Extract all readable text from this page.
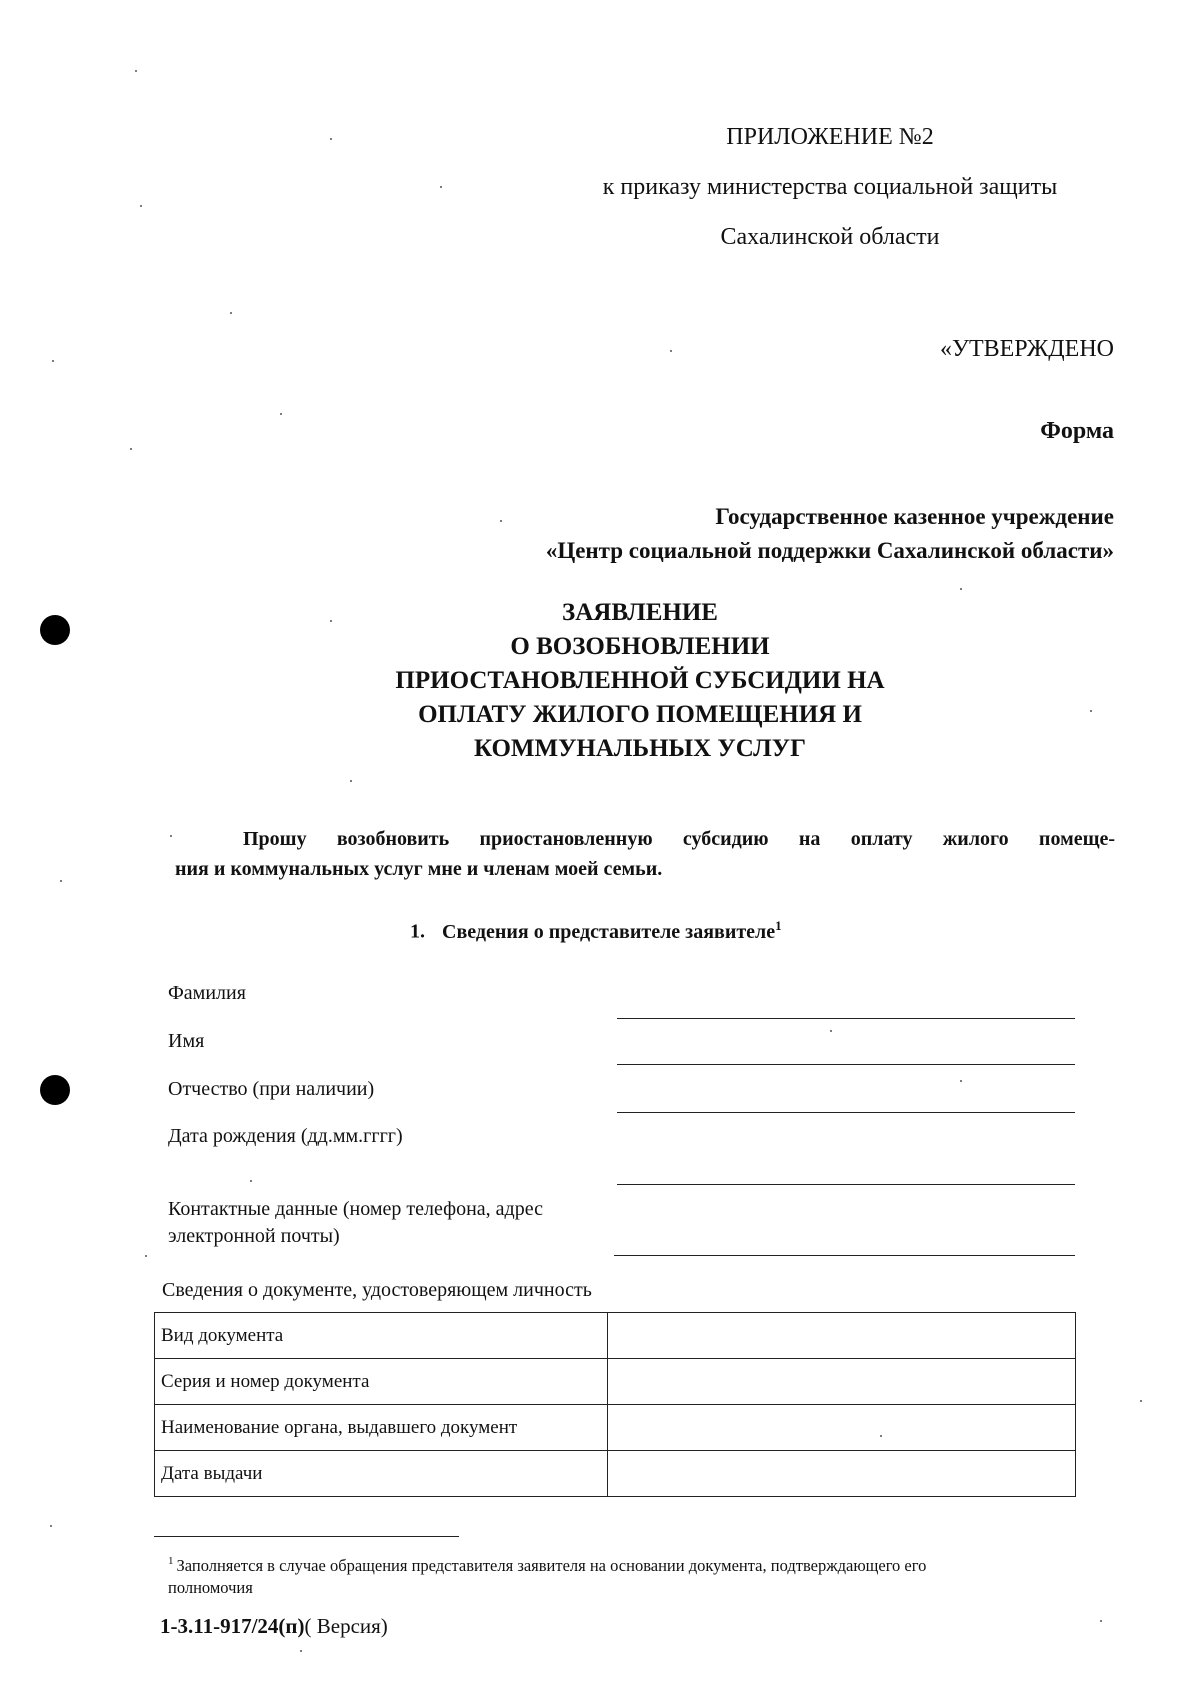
ПРИЛОЖЕНИЕ №2
к приказу министерства социальной защиты
Сахалинской области
«УТВЕРЖДЕНО
Форма
Государственное казенное учреждение
«Центр социальной поддержки Сахалинской области»
ЗАЯВЛЕНИЕ
О ВОЗОБНОВЛЕНИИ
ПРИОСТАНОВЛЕННОЙ СУБСИДИИ НА
ОПЛАТУ ЖИЛОГО ПОМЕЩЕНИЯ И
КОММУНАЛЬНЫХ УСЛУГ
Прошу возобновить приостановленную субсидию на оплату жилого помеще-
ния и коммунальных услуг мне и членам моей семьи.
1. Сведения о представителе заявителе$^1$
Фамилия
Имя
Отчество (при наличии)
Дата рождения (дд.мм.гггг)
Контактные данные (номер телефона, адрес
электронной почты)
Сведения о документе, удостоверяющем личность
Вид документа	
Серия и номер документа	
Наименование органа, выдавшего документ	
Дата выдачи	
$^1$ Заполняется в случае обращения представителя заявителя на основании документа, подтверждающего его
полномочия
1-3.11-917/24(п)( Версия)
